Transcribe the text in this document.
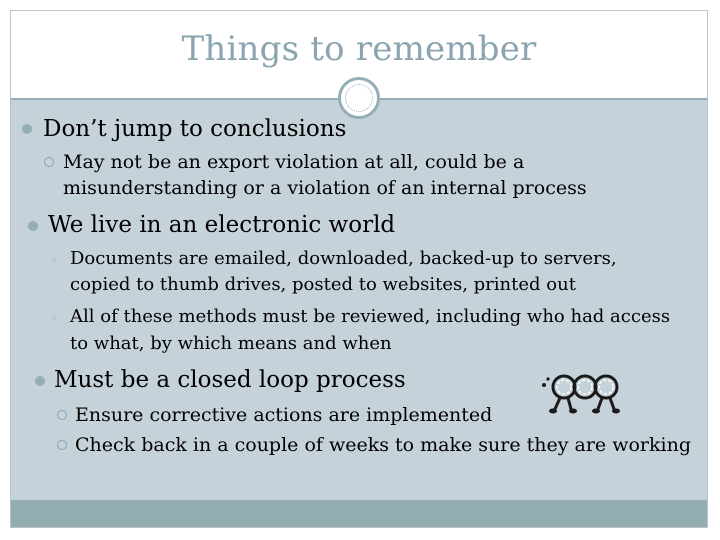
Things to remember
Don’t jump to conclusions
May not be an export violation at all, could be a
misunderstanding or a violation of an internal process
We live in an electronic world
◦ Documents are emailed, downloaded, backed-up to servers,
copied to thumb drives, posted to websites, printed out
◦ All of these methods must be reviewed, including who had access
to what, by which means and when
Must be a closed loop process
Ensure corrective actions are implemented
Check back in a couple of weeks to make sure they are working
